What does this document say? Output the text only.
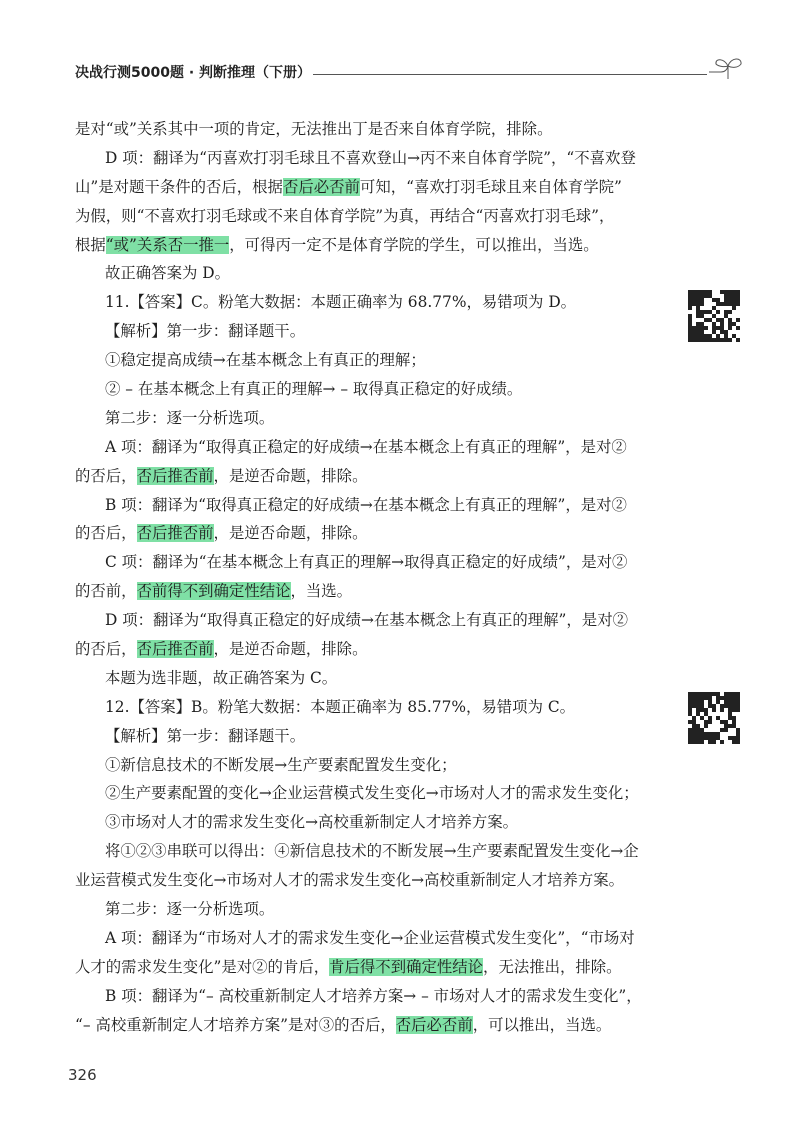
决战行测5000题 · 判断推理（下册）
是对“或”关系其中一项的肯定，无法推出丁是否来自体育学院，排除。
D 项：翻译为“丙喜欢打羽毛球且不喜欢登山→丙不来自体育学院”，“不喜欢登
山”是对题干条件的否后，根据否后必否前可知，“喜欢打羽毛球且来自体育学院”
为假，则“不喜欢打羽毛球或不来自体育学院”为真，再结合“丙喜欢打羽毛球”，
根据“或”关系否一推一，可得丙一定不是体育学院的学生，可以推出，当选。
故正确答案为 D。
11.【答案】C。粉笔大数据：本题正确率为 68.77%，易错项为 D。
【解析】第一步：翻译题干。
①稳定提高成绩→在基本概念上有真正的理解；
② – 在基本概念上有真正的理解→ – 取得真正稳定的好成绩。
第二步：逐一分析选项。
A 项：翻译为“取得真正稳定的好成绩→在基本概念上有真正的理解”，是对②
的否后，否后推否前，是逆否命题，排除。
B 项：翻译为“取得真正稳定的好成绩→在基本概念上有真正的理解”，是对②
的否后，否后推否前，是逆否命题，排除。
C 项：翻译为“在基本概念上有真正的理解→取得真正稳定的好成绩”，是对②
的否前，否前得不到确定性结论，当选。
D 项：翻译为“取得真正稳定的好成绩→在基本概念上有真正的理解”，是对②
的否后，否后推否前，是逆否命题，排除。
本题为选非题，故正确答案为 C。
12.【答案】B。粉笔大数据：本题正确率为 85.77%，易错项为 C。
【解析】第一步：翻译题干。
①新信息技术的不断发展→生产要素配置发生变化；
②生产要素配置的变化→企业运营模式发生变化→市场对人才的需求发生变化；
③市场对人才的需求发生变化→高校重新制定人才培养方案。
将①②③串联可以得出：④新信息技术的不断发展→生产要素配置发生变化→企
业运营模式发生变化→市场对人才的需求发生变化→高校重新制定人才培养方案。
第二步：逐一分析选项。
A 项：翻译为“市场对人才的需求发生变化→企业运营模式发生变化”，“市场对
人才的需求发生变化”是对②的肯后，肯后得不到确定性结论，无法推出，排除。
B 项：翻译为“– 高校重新制定人才培养方案→ – 市场对人才的需求发生变化”，
“– 高校重新制定人才培养方案”是对③的否后，否后必否前，可以推出，当选。
326
